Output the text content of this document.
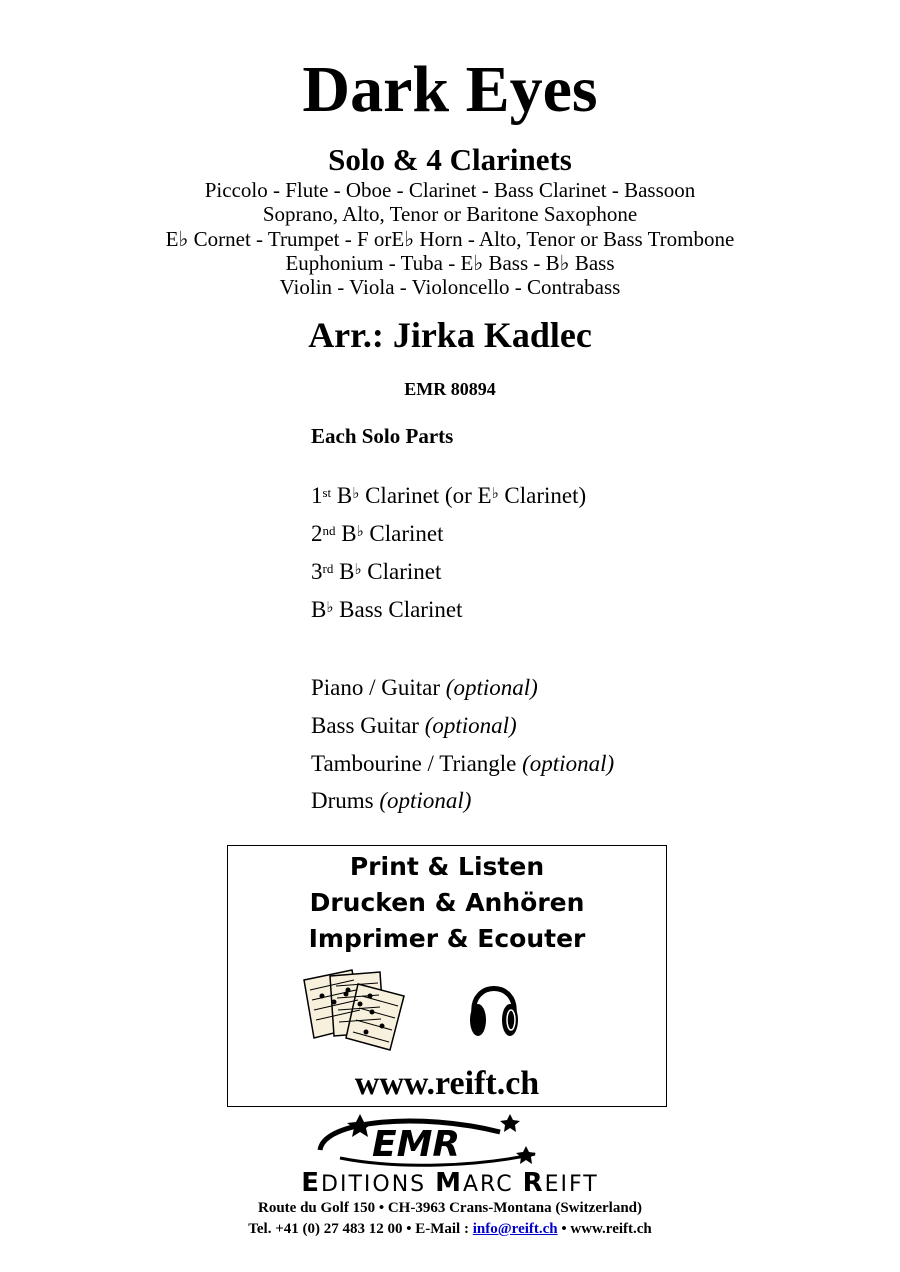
Dark Eyes
Solo & 4 Clarinets
Piccolo - Flute - Oboe - Clarinet - Bass Clarinet - Bassoon
Soprano, Alto, Tenor or Baritone Saxophone
E♭ Cornet - Trumpet - F orE♭ Horn - Alto, Tenor or Bass Trombone
Euphonium - Tuba - E♭ Bass - B♭ Bass
Violin - Viola - Violoncello - Contrabass
Arr.: Jirka Kadlec
EMR 80894
Each Solo Parts
1st B♭ Clarinet (or E♭ Clarinet)
2nd B♭ Clarinet
3rd B♭ Clarinet
B♭ Bass Clarinet
Piano / Guitar (optional)
Bass Guitar (optional)
Tambourine / Triangle (optional)
Drums (optional)
Print & Listen
Drucken & Anhören
Imprimer & Ecouter
www.reift.ch
EMR
EDITIONS MARC REIFT
Route du Golf 150 • CH-3963 Crans-Montana (Switzerland)
Tel. +41 (0) 27 483 12 00 • E-Mail : info@reift.ch • www.reift.ch
